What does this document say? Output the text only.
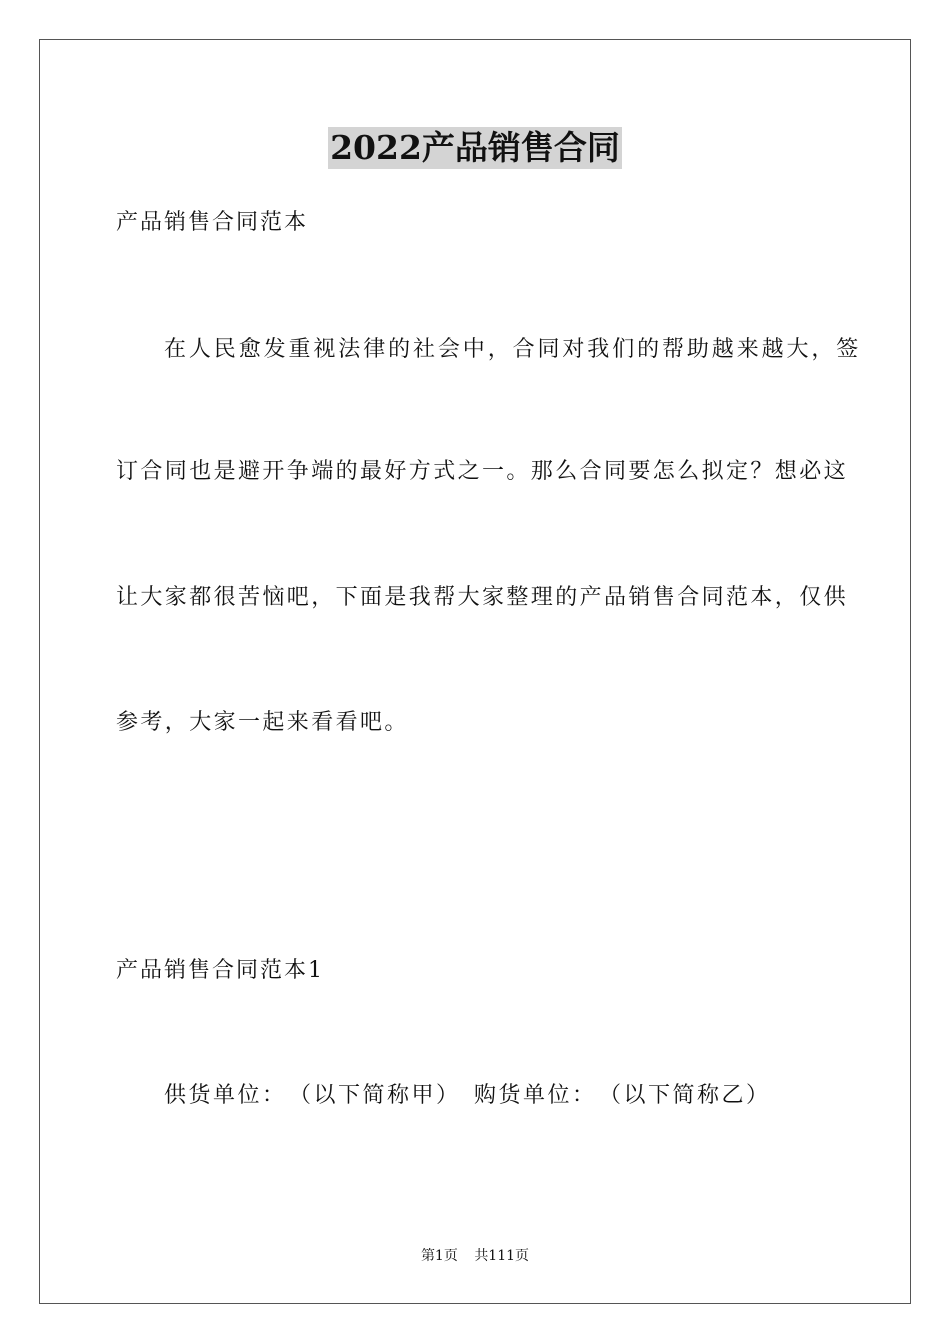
2022产品销售合同
产品销售合同范本
在人民愈发重视法律的社会中，合同对我们的帮助越来越大，签
订合同也是避开争端的最好方式之一。那么合同要怎么拟定？想必这
让大家都很苦恼吧，下面是我帮大家整理的产品销售合同范本，仅供
参考，大家一起来看看吧。
产品销售合同范本1
供货单位：　（以下简称甲）　购货单位：　（以下简称乙）
第1页 共111页
